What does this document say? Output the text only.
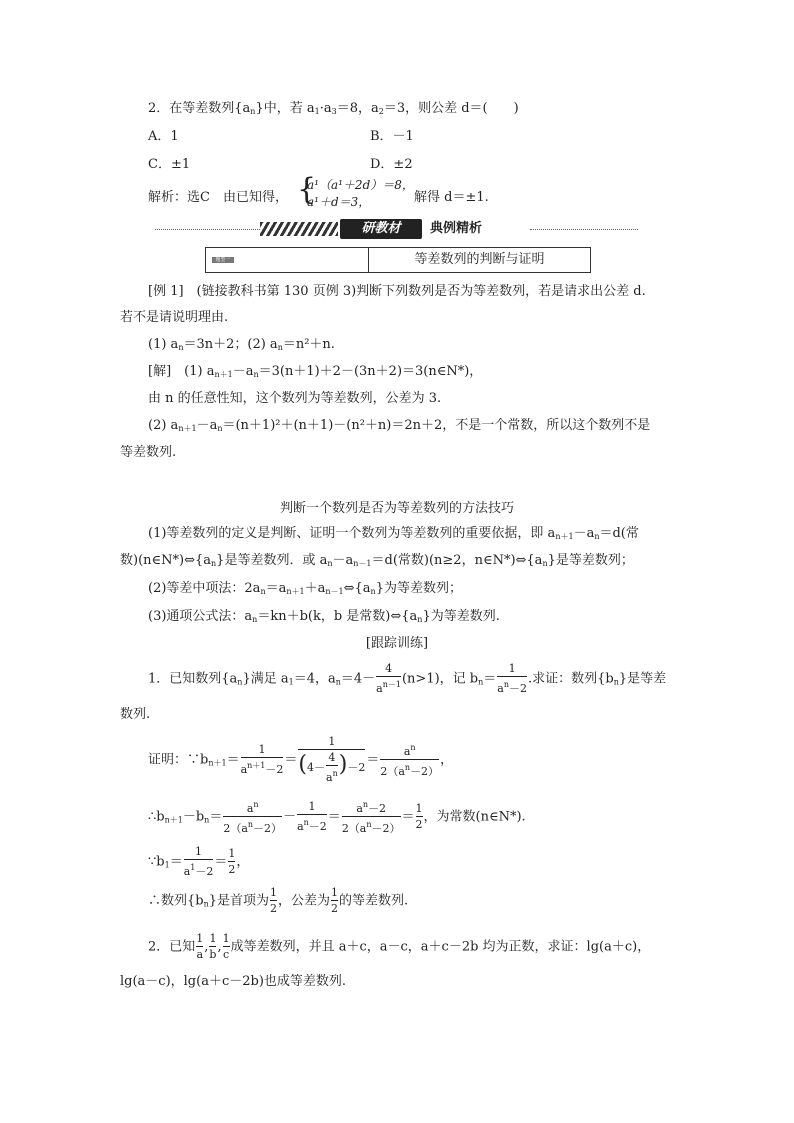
2．在等差数列$\{a_n\}$中，若 $a_1\cdot a_3=8$，$a_2=3$，则公差 d＝(　　)
A．1	B．－1
C．±1	D．±2
解析：选C　由已知得， {
a¹（a¹＋2d）＝8，
a¹＋d＝3，	解得 d＝±1.
研教材	典例精析
题型一	等差数列的判断与证明
[例 1]　(链接教科书第 130 页例 3)判断下列数列是否为等差数列，若是请求出公差 d.
若不是请说明理由.
(1) $a_n=3n+2$；(2) $a_n=n^2+n$.
[解]　(1) $a_{n+1}-a_n=3(n+1)+2-(3n+2)=3(n\in N*)$，
由 n 的任意性知，这个数列为等差数列，公差为 3.
(2) $a_{n+1}-a_n=(n+1)^2+(n+1)-(n^2+n)=2n+2$，不是一个常数，所以这个数列不是
等差数列.
判断一个数列是否为等差数列的方法技巧
(1)等差数列的定义是判断、证明一个数列为等差数列的重要依据，即 $a_{n+1}-a_n=d$(常
数)$(n\in N*)\Leftrightarrow\{a_n\}$是等差数列．或 $a_n-a_{n-1}=d$(常数)(n≥2，$n\in N*)\Leftrightarrow\{a_n\}$是等差数列；
(2)等差中项法：$2a_n=a_{n+1}+a_{n-1}\Leftrightarrow\{a_n\}$为等差数列；
(3)通项公式法：$a_n=kn+b(k$，b 是常数)$\Leftrightarrow\{a_n\}$为等差数列.
[跟踪训练]
1．已知数列$\{a_n\}$满足 $a_1=4$，$a_n=4- \frac{4}{a^{n-1}} (n>1)$，记 $b_n= \frac{1}{a^n-2}$ .求证：数列$\{b_n\}$是等差
数列.
证明：$\because b_{n+1}= \frac{1}{a^{n+1}-2} = \frac{1}{(4- \frac{4}{a^n} )-2} = \frac{a^n}{2(a^n-2)}$ ，
$\therefore b_{n+1}-b_n= \frac{a^n}{2(a^n-2)} - \frac{1}{a^n-2} = \frac{a^n-2}{2(a^n-2)} = \frac{1}{2}$ ，为常数(n∈N*).
$\because b_1= \frac{1}{a^1-2} = \frac{1}{2}$ ，
∴数列$\{b_n\}$是首项为 $\frac{1}{2}$ ，公差为 $\frac{1}{2}$ 的等差数列.
2．已知 $\frac{1}{a}$ , $\frac{1}{b}$ , $\frac{1}{c}$ 成等差数列，并且 a＋c，a－c，a＋c－2b 均为正数，求证：lg(a＋c)，
lg(a－c)，lg(a＋c－2b)也成等差数列.
